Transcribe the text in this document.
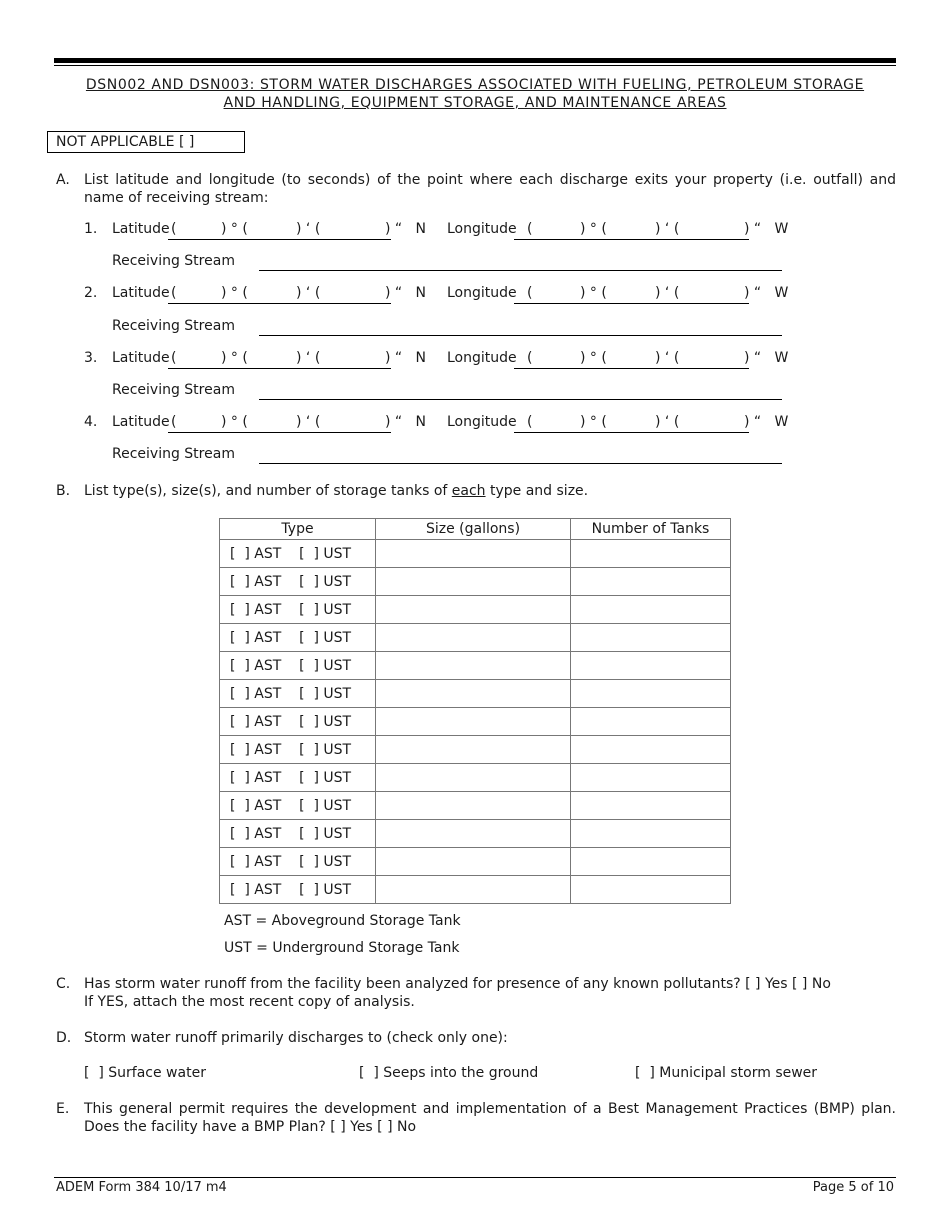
DSN002 AND DSN003: STORM WATER DISCHARGES ASSOCIATED WITH FUELING, PETROLEUM STORAGE
AND HANDLING, EQUIPMENT STORAGE, AND MAINTENANCE AREAS
NOT APPLICABLE [ ]
A. List latitude and longitude (to seconds) of the point where each discharge exits your property (i.e. outfall) and name of receiving stream:
1. Latitude (	) ° (	) ‘ (	) “   N Longitude (	) ° (	) ‘ (	) “   W
Receiving Stream
2. Latitude (	) ° (	) ‘ (	) “   N Longitude (	) ° (	) ‘ (	) “   W
Receiving Stream
3. Latitude (	) ° (	) ‘ (	) “   N Longitude (	) ° (	) ‘ (	) “   W
Receiving Stream
4. Latitude (	) ° (	) ‘ (	) “   N Longitude (	) ° (	) ‘ (	) “   W
Receiving Stream
B. List type(s), size(s), and number of storage tanks of each type and size.
Type	Size (gallons)	Number of Tanks
[  ] AST    [  ] UST		
[  ] AST    [  ] UST		
[  ] AST    [  ] UST		
[  ] AST    [  ] UST		
[  ] AST    [  ] UST		
[  ] AST    [  ] UST		
[  ] AST    [  ] UST		
[  ] AST    [  ] UST		
[  ] AST    [  ] UST		
[  ] AST    [  ] UST		
[  ] AST    [  ] UST		
[  ] AST    [  ] UST		
[  ] AST    [  ] UST		
AST = Aboveground Storage Tank
UST = Underground Storage Tank
C. Has storm water runoff from the facility been analyzed for presence of any known pollutants? [ ] Yes [ ] No
If YES, attach the most recent copy of analysis.
D. Storm water runoff primarily discharges to (check only one):
[  ] Surface water	[  ] Seeps into the ground	[  ] Municipal storm sewer
E. This general permit requires the development and implementation of a Best Management Practices (BMP) plan.
Does the facility have a BMP Plan? [ ] Yes [ ] No
ADEM Form 384 10/17 m4	Page 5 of 10
